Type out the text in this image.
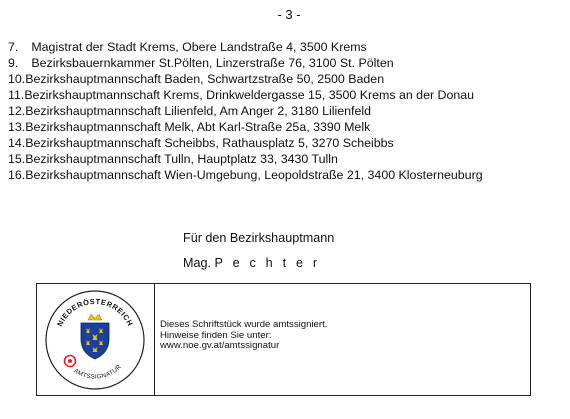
- 3 -
7.	Magistrat der Stadt Krems, Obere Landstraße 4, 3500 Krems
9.	Bezirksbauernkammer St.Pölten, Linzerstraße 76, 3100 St. Pölten
10. Bezirkshauptmannschaft Baden, Schwartzstraße 50, 2500 Baden
11. Bezirkshauptmannschaft Krems, Drinkweldergasse 15, 3500 Krems an der Donau
12. Bezirkshauptmannschaft Lilienfeld, Am Anger 2, 3180 Lilienfeld
13. Bezirkshauptmannschaft Melk, Abt Karl-Straße 25a, 3390 Melk
14. Bezirkshauptmannschaft Scheibbs, Rathausplatz 5, 3270 Scheibbs
15. Bezirkshauptmannschaft Tulln, Hauptplatz 33, 3430 Tulln
16. Bezirkshauptmannschaft Wien-Umgebung, Leopoldstraße 21, 3400 Klosterneuburg
Für den Bezirkshauptmann
Mag. P e c h t e r
NIEDERÖSTERREICH
AMTSSIGNATUR
Dieses Schriftstück wurde amtssigniert.
Hinweise finden Sie unter:
www.noe.gv.at/amtssignatur
